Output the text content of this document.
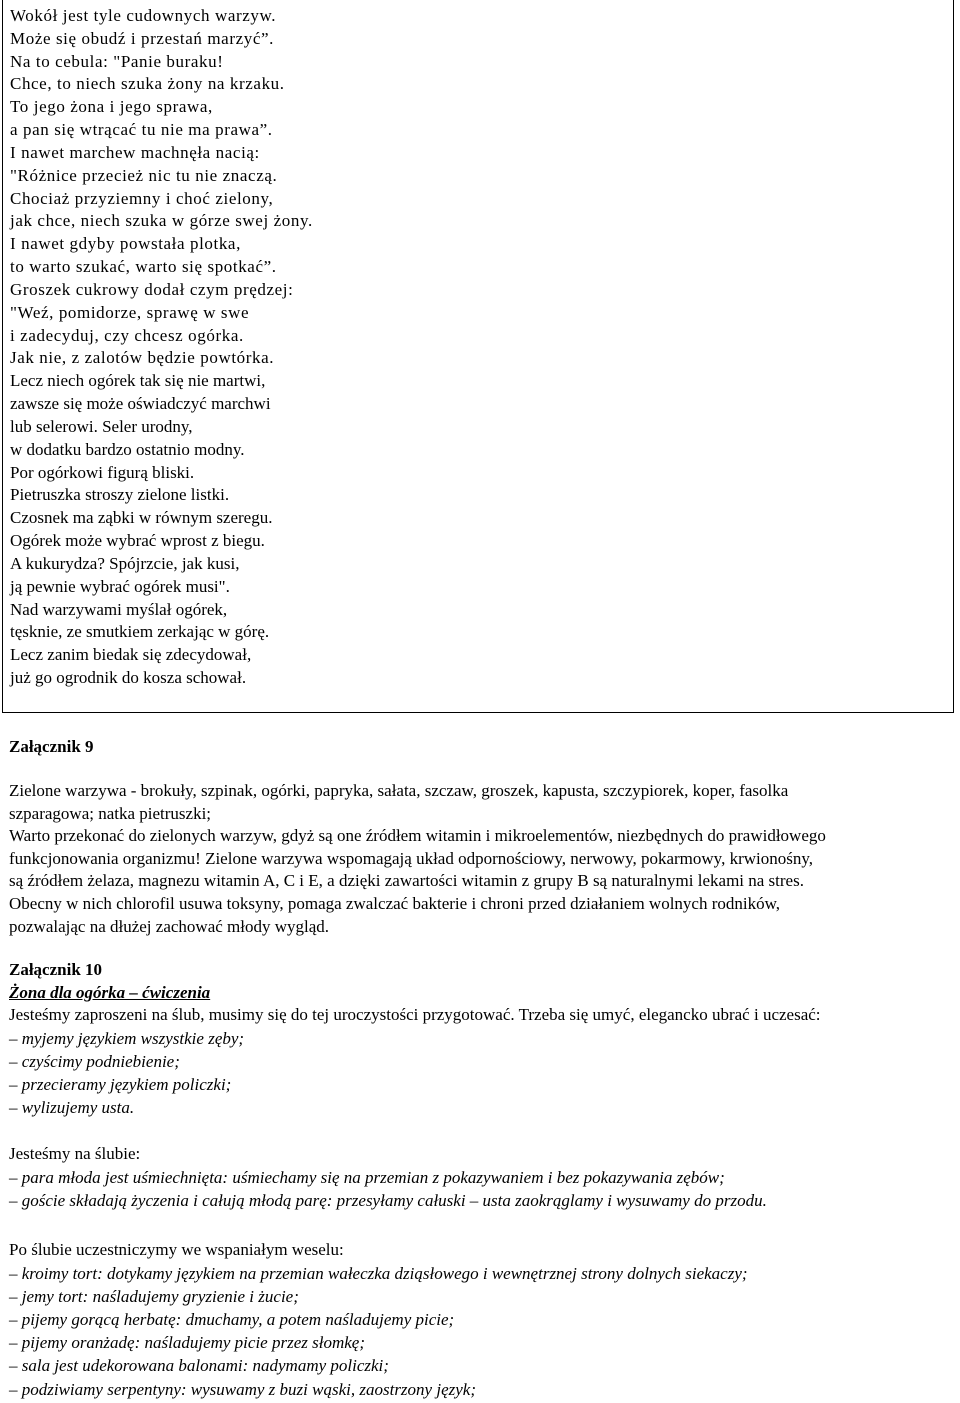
Wokół jest tyle cudownych warzyw.
Może się obudź i przestań marzyć”.
Na to cebula: "Panie buraku!
Chce, to niech szuka żony na krzaku.
To jego żona i jego sprawa,
a pan się wtrącać tu nie ma prawa”.
I nawet marchew machnęła nacią:
"Różnice przecież nic tu nie znaczą.
Chociaż przyziemny i choć zielony,
jak chce, niech szuka w górze swej żony.
I nawet gdyby powstała plotka,
to warto szukać, warto się spotkać”.
Groszek cukrowy dodał czym prędzej:
"Weź, pomidorze, sprawę w swe
i zadecyduj, czy chcesz ogórka.
Jak nie, z zalotów będzie powtórka.
Lecz niech ogórek tak się nie martwi,
zawsze się może oświadczyć marchwi
lub selerowi. Seler urodny,
w dodatku bardzo ostatnio modny.
Por ogórkowi figurą bliski.
Pietruszka stroszy zielone listki.
Czosnek ma ząbki w równym szeregu.
Ogórek może wybrać wprost z biegu.
A kukurydza? Spójrzcie, jak kusi,
ją pewnie wybrać ogórek musi".
Nad warzywami myślał ogórek,
tęsknie, ze smutkiem zerkając w górę.
Lecz zanim biedak się zdecydował,
już go ogrodnik do kosza schował.
Załącznik 9
Zielone warzywa - brokuły, szpinak, ogórki, papryka, sałata, szczaw, groszek, kapusta, szczypiorek, koper, fasolka
szparagowa; natka pietruszki;
Warto przekonać do zielonych warzyw, gdyż są one źródłem witamin i mikroelementów, niezbędnych do prawidłowego
funkcjonowania organizmu! Zielone warzywa wspomagają układ odpornościowy, nerwowy, pokarmowy, krwionośny,
są źródłem żelaza, magnezu witamin A, C i E, a dzięki zawartości witamin z grupy B są naturalnymi lekami na stres.
Obecny w nich chlorofil usuwa toksyny, pomaga zwalczać bakterie i chroni przed działaniem wolnych rodników,
pozwalając na dłużej zachować młody wygląd.
Załącznik 10
Żona dla ogórka – ćwiczenia
Jesteśmy zaproszeni na ślub, musimy się do tej uroczystości przygotować. Trzeba się umyć, elegancko ubrać i uczesać:
– myjemy językiem wszystkie zęby;
– czyścimy podniebienie;
– przecieramy językiem policzki;
– wylizujemy usta.
Jesteśmy na ślubie:
– para młoda jest uśmiechnięta: uśmiechamy się na przemian z pokazywaniem i bez pokazywania zębów;
– goście składają życzenia i całują młodą parę: przesyłamy całuski – usta zaokrąglamy i wysuwamy do przodu.
Po ślubie uczestniczymy we wspaniałym weselu:
– kroimy tort: dotykamy językiem na przemian wałeczka dziąsłowego i wewnętrznej strony dolnych siekaczy;
– jemy tort: naśladujemy gryzienie i żucie;
– pijemy gorącą herbatę: dmuchamy, a potem naśladujemy picie;
– pijemy oranżadę: naśladujemy picie przez słomkę;
– sala jest udekorowana balonami: nadymamy policzki;
– podziwiamy serpentyny: wysuwamy z buzi wąski, zaostrzony język;
